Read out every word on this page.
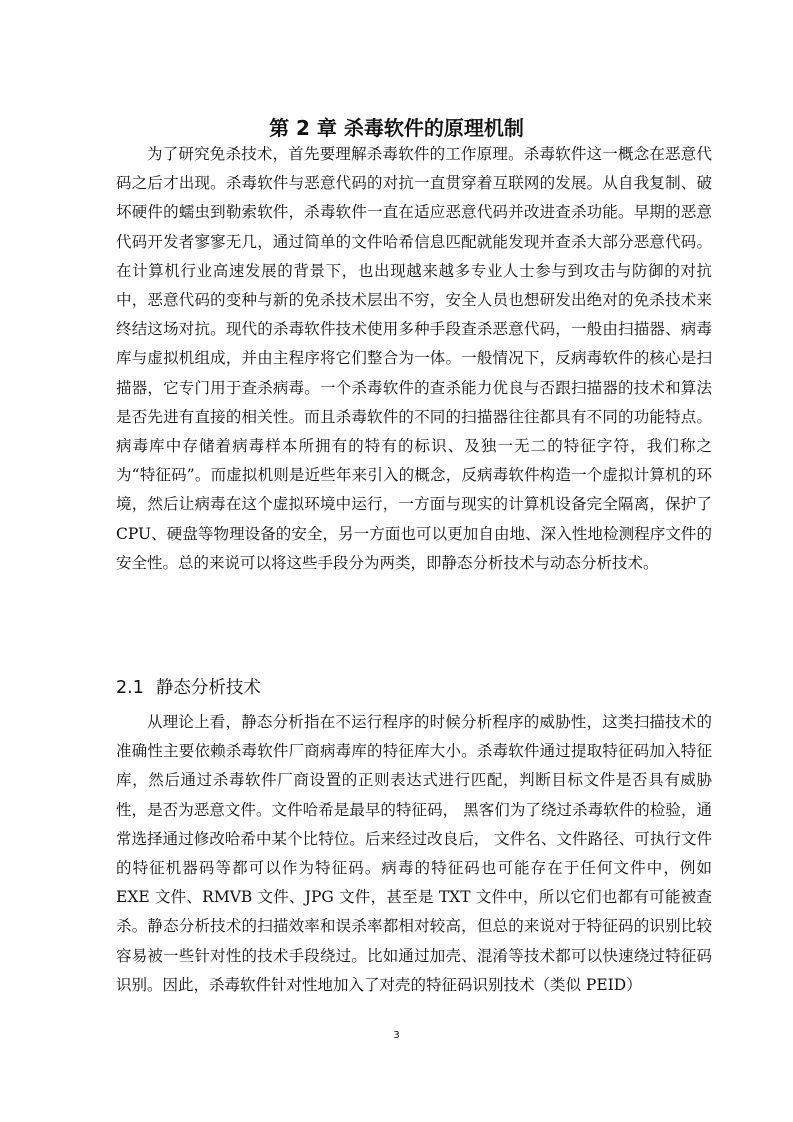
第 2 章 杀毒软件的原理机制

为了研究免杀技术，首先要理解杀毒软件的工作原理。杀毒软件这一概念在恶意代码之后才出现。杀毒软件与恶意代码的对抗一直贯穿着互联网的发展。从自我复制、破坏硬件的蠕虫到勒索软件，杀毒软件一直在适应恶意代码并改进查杀功能。早期的恶意代码开发者寥寥无几，通过简单的文件哈希信息匹配就能发现并查杀大部分恶意代码。在计算机行业高速发展的背景下，也出现越来越多专业人士参与到攻击与防御的对抗中，恶意代码的变种与新的免杀技术层出不穷，安全人员也想研发出绝对的免杀技术来终结这场对抗。现代的杀毒软件技术使用多种手段查杀恶意代码，一般由扫描器、病毒库与虚拟机组成，并由主程序将它们整合为一体。一般情况下，反病毒软件的核心是扫描器，它专门用于查杀病毒。一个杀毒软件的查杀能力优良与否跟扫描器的技术和算法是否先进有直接的相关性。而且杀毒软件的不同的扫描器往往都具有不同的功能特点。病毒库中存储着病毒样本所拥有的特有的标识、及独一无二的特征字符，我们称之为“特征码”。而虚拟机则是近些年来引入的概念，反病毒软件构造一个虚拟计算机的环境，然后让病毒在这个虚拟环境中运行，一方面与现实的计算机设备完全隔离，保护了 CPU、硬盘等物理设备的安全，另一方面也可以更加自由地、深入性地检测程序文件的安全性。总的来说可以将这些手段分为两类，即静态分析技术与动态分析技术。

2.1 静态分析技术

从理论上看，静态分析指在不运行程序的时候分析程序的威胁性，这类扫描技术的准确性主要依赖杀毒软件厂商病毒库的特征库大小。杀毒软件通过提取特征码加入特征库，然后通过杀毒软件厂商设置的正则表达式进行匹配，判断目标文件是否具有威胁性，是否为恶意文件。文件哈希是最早的特征码， 黑客们为了绕过杀毒软件的检验，通常选择通过修改哈希中某个比特位。后来经过改良后， 文件名、文件路径、可执行文件的特征机器码等都可以作为特征码。病毒的特征码也可能存在于任何文件中，例如 EXE 文件、RMVB 文件、JPG 文件，甚至是 TXT 文件中，所以它们也都有可能被查杀。静态分析技术的扫描效率和误杀率都相对较高，但总的来说对于特征码的识别比较容易被一些针对性的技术手段绕过。比如通过加壳、混淆等技术都可以快速绕过特征码识别。因此，杀毒软件针对性地加入了对壳的特征码识别技术（类似 PEID）

3
